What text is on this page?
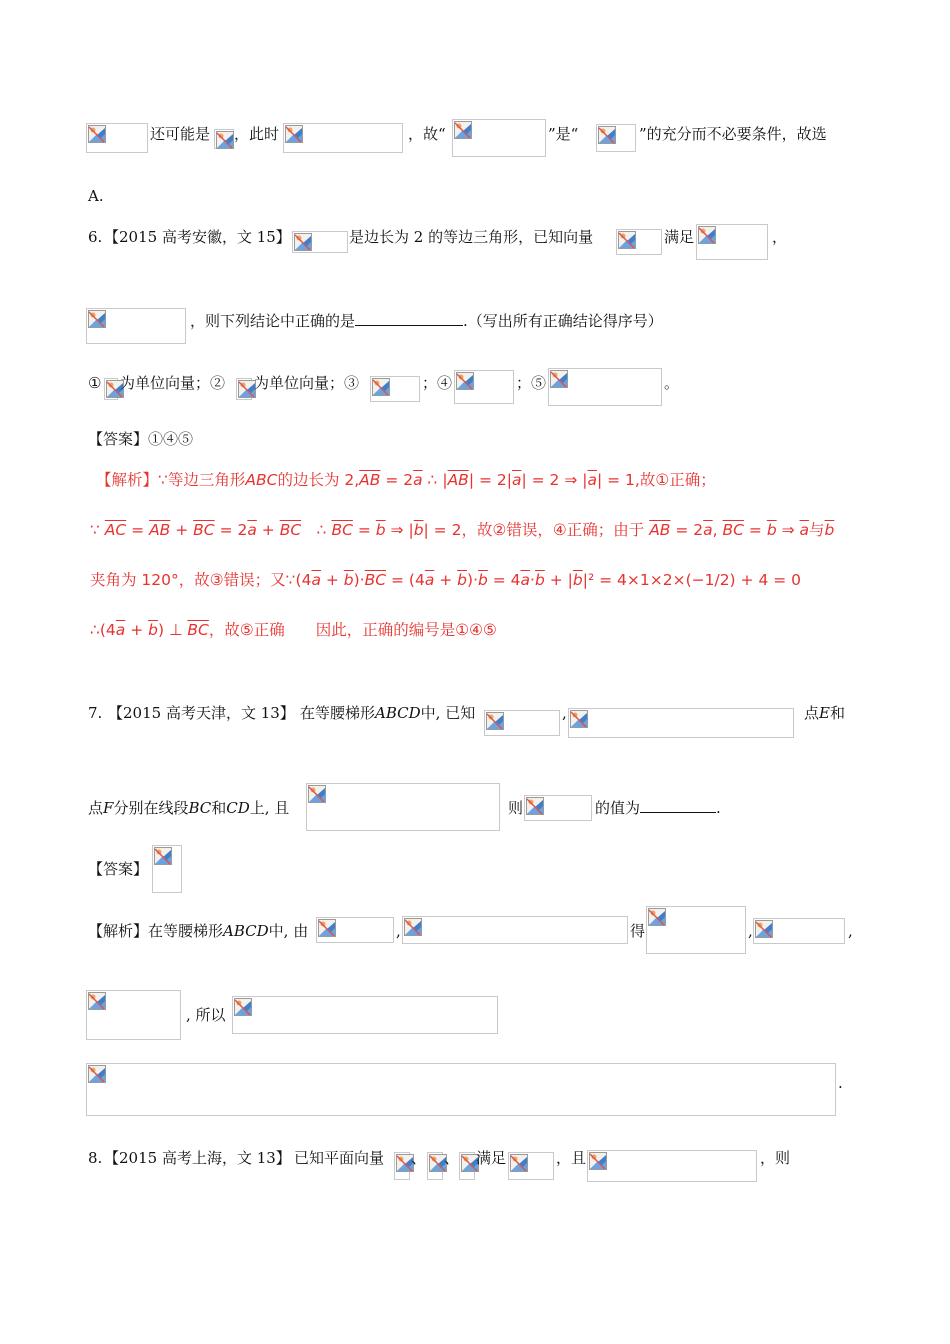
还可能是 ，此时	，故“	”是“	”的充分而不必要条件，故选
A.
6. 【2015 高考安徽，文 15】	是边长为 2 的等边三角形，已知向量	满足	，
，则下列结论中正确的是	.（写出所有正确结论得序号）
① 为单位向量；② 为单位向量；③	；④	；⑤	。
【答案】①④⑤
【解析】∵等边三角形ABC的边长为 $2,\overline{AB} = 2\overline{a}$ ∴ $|\overline{AB}| = 2|\overline{a}| = 2$ ⇒ $|\overline{a}| = 1$,故①正确；
∵ $\overline{AC} = \overline{AB} + \overline{BC} = 2\overline{a} + \overline{BC}$　∴ $\overline{BC} = \overline{b}$ ⇒ $|\overline{b}| = 2$，故②错误，④正确；由于 $\overline{AB} = 2\overline{a}$, $\overline{BC} = \overline{b}$ ⇒ $\overline{a}$与$\overline{b}$
夹角为 120°，故③错误；又$\because(4\overline{a} + \overline{b})\cdot\overline{BC} = (4\overline{a} + \overline{b})\cdot\overline{b} = 4\overline{a}\cdot\overline{b} + |\overline{b}|^2 = 4\times 1\times 2\times(-1/2) + 4 = 0$
$\therefore(4\overline{a} + \overline{b})$ ⊥ $\overline{BC}$，故⑤正确　　因此，正确的编号是①④⑤
7. 【2015 高考天津，文 13】 在等腰梯形ABCD中, 已知	,	点E和
点F分别在线段BC和CD上, 且	则	的值为	.
【答案】
【解析】在等腰梯形ABCD中, 由	,	得	,	,
, 所以
.
8. 【2015 高考上海，文 13】 已知平面向量 、 、 满足	，且	，则
